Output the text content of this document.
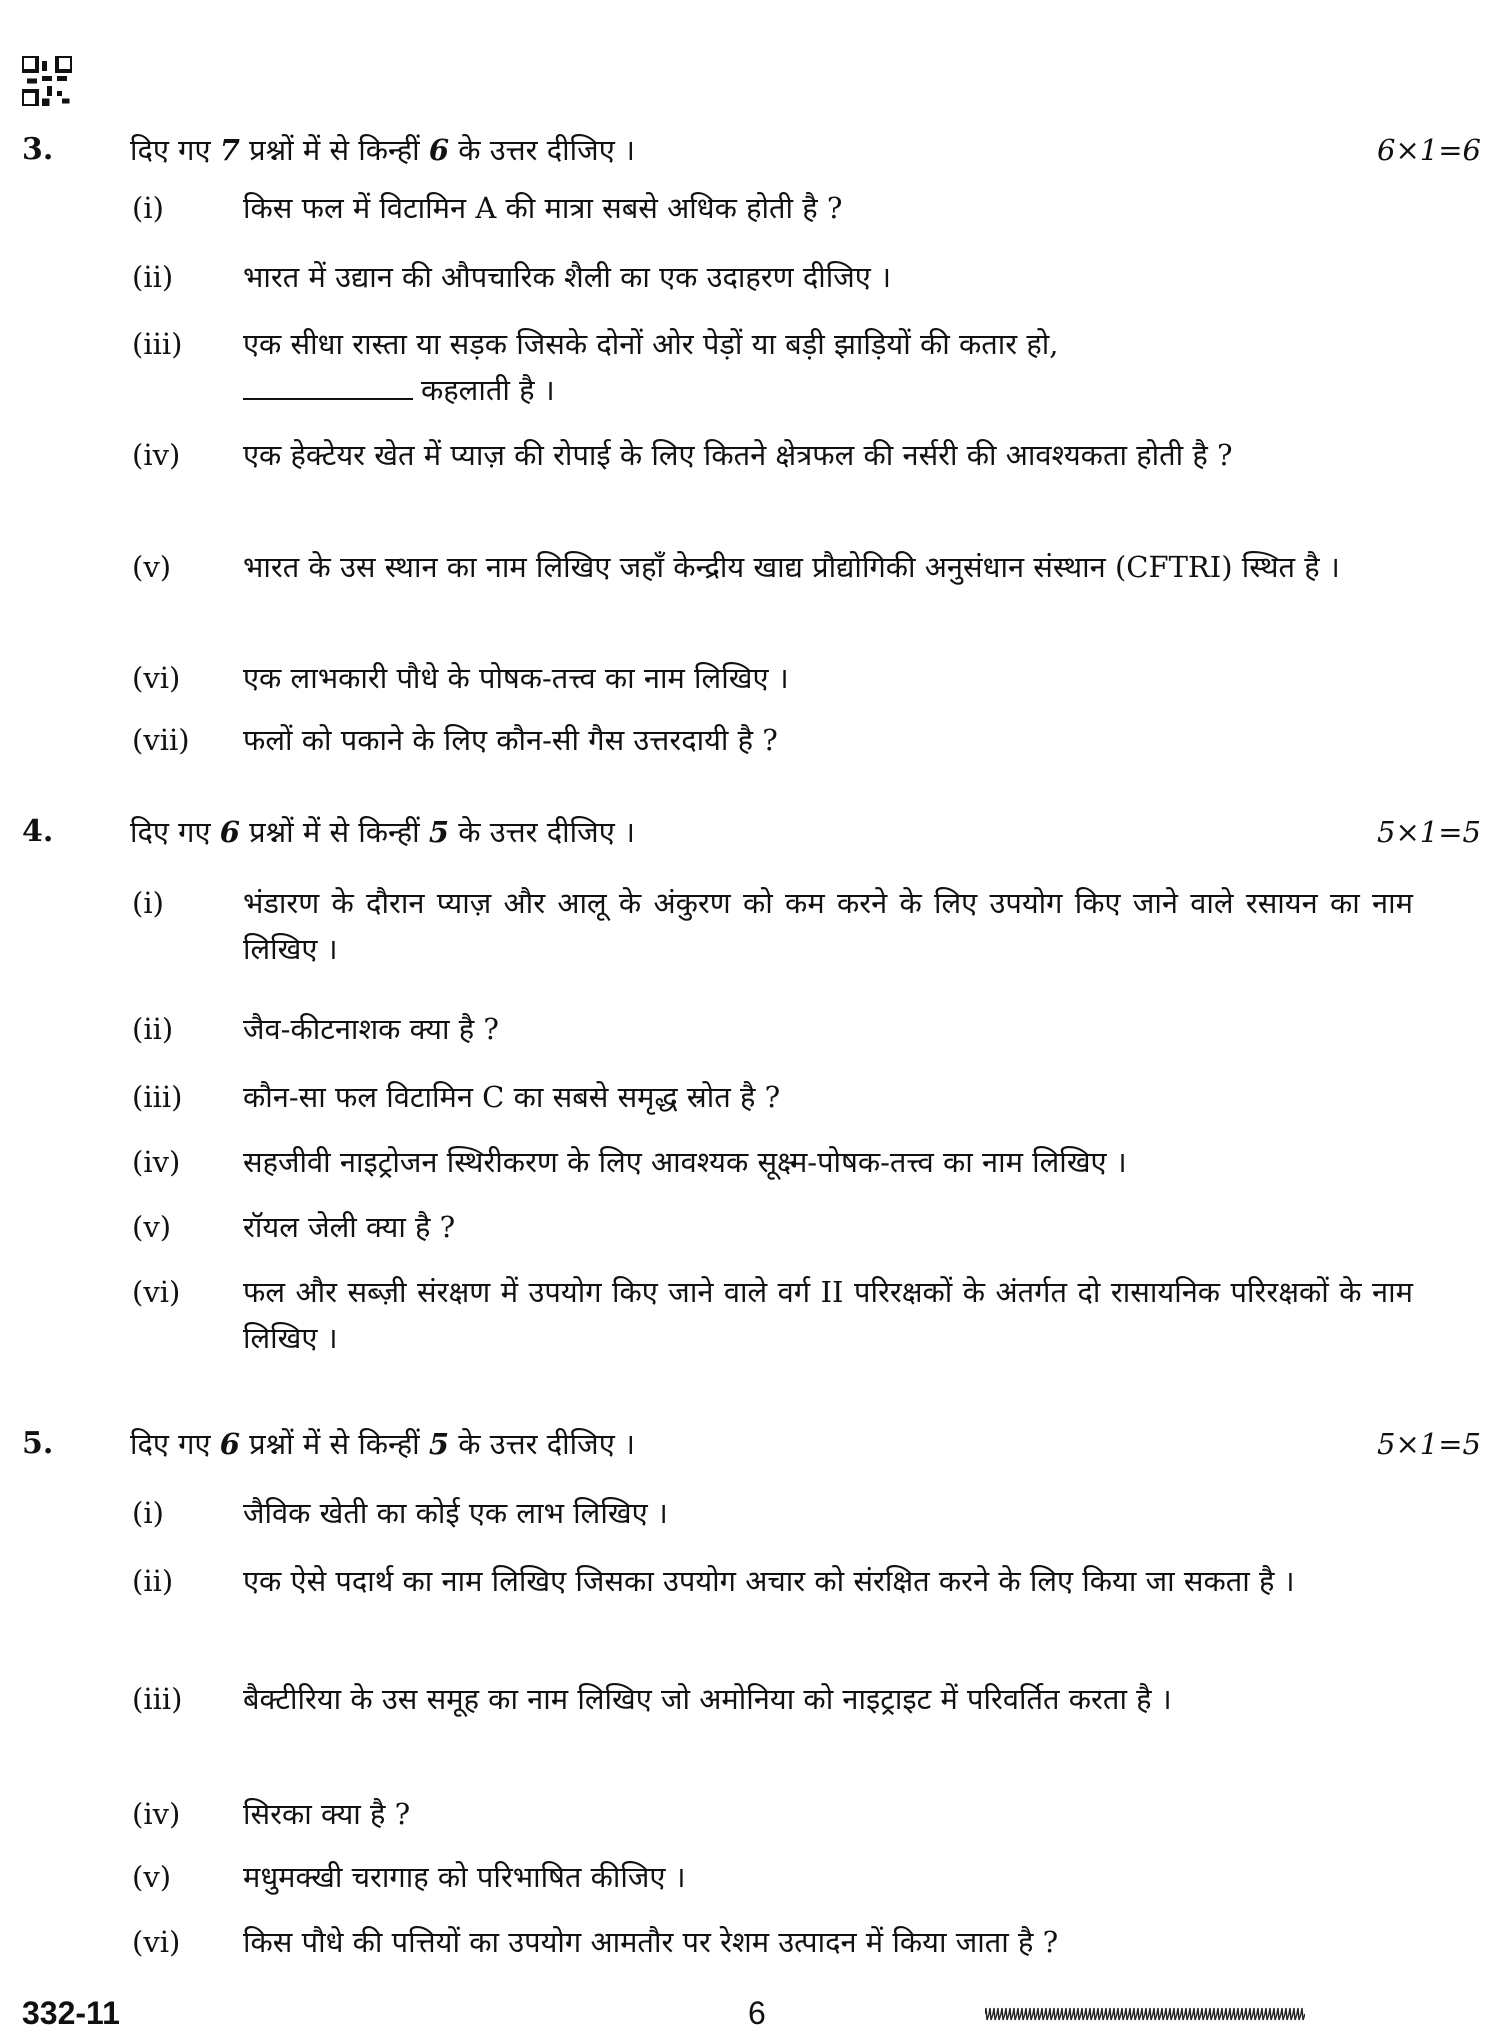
3.	दिए गए 7 प्रश्नों में से किन्हीं 6 के उत्तर दीजिए ।	6×1=6
(i)	किस फल में विटामिन A की मात्रा सबसे अधिक होती है ?
(ii) भारत में उद्यान की औपचारिक शैली का एक उदाहरण दीजिए ।
(iii) एक सीधा रास्ता या सड़क जिसके दोनों ओर पेड़ों या बड़ी झाड़ियों की कतार हो,
कहलाती है ।
(iv) एक हेक्टेयर खेत में प्याज़ की रोपाई के लिए कितने क्षेत्रफल की नर्सरी की आवश्यकता होती है ?
(v) भारत के उस स्थान का नाम लिखिए जहाँ केन्द्रीय खाद्य प्रौद्योगिकी अनुसंधान संस्थान (CFTRI) स्थित है ।
(vi) एक लाभकारी पौधे के पोषक-तत्त्व का नाम लिखिए ।
(vii) फलों को पकाने के लिए कौन-सी गैस उत्तरदायी है ?
4.	दिए गए 6 प्रश्नों में से किन्हीं 5 के उत्तर दीजिए ।	5×1=5
(i)	भंडारण के दौरान प्याज़ और आलू के अंकुरण को कम करने के लिए उपयोग किए जाने वाले रसायन का नाम लिखिए ।
(ii) जैव-कीटनाशक क्या है ?
(iii) कौन-सा फल विटामिन C का सबसे समृद्ध स्रोत है ?
(iv) सहजीवी नाइट्रोजन स्थिरीकरण के लिए आवश्यक सूक्ष्म-पोषक-तत्त्व का नाम लिखिए ।
(v) रॉयल जेली क्या है ?
(vi) फल और सब्ज़ी संरक्षण में उपयोग किए जाने वाले वर्ग II परिरक्षकों के अंतर्गत दो रासायनिक परिरक्षकों के नाम लिखिए ।
5.	दिए गए 6 प्रश्नों में से किन्हीं 5 के उत्तर दीजिए ।	5×1=5
(i)	जैविक खेती का कोई एक लाभ लिखिए ।
(ii) एक ऐसे पदार्थ का नाम लिखिए जिसका उपयोग अचार को संरक्षित करने के लिए किया जा सकता है ।
(iii) बैक्टीरिया के उस समूह का नाम लिखिए जो अमोनिया को नाइट्राइट में परिवर्तित करता है ।
(iv) सिरका क्या है ?
(v) मधुमक्खी चरागाह को परिभाषित कीजिए ।
(vi) किस पौधे की पत्तियों का उपयोग आमतौर पर रेशम उत्पादन में किया जाता है ?
332-11	6
